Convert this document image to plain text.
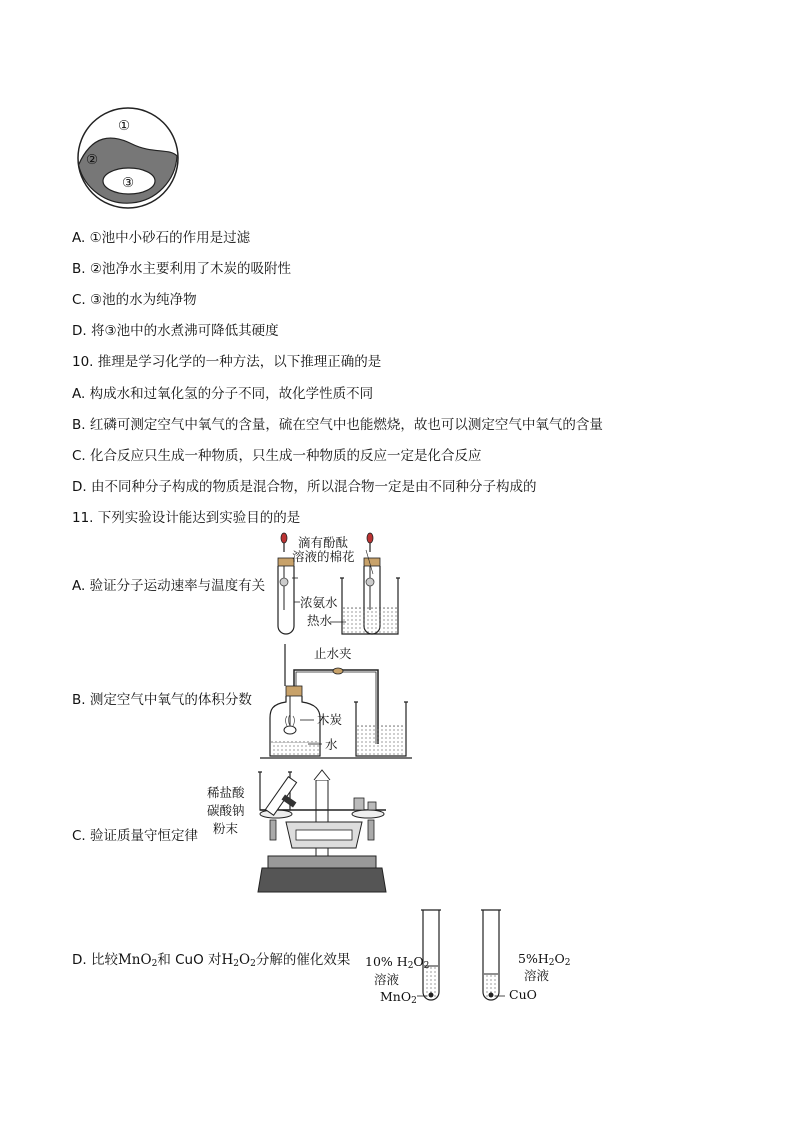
①
②
③
A. ①池中小砂石的作用是过滤
B. ②池净水主要利用了木炭的吸附性
C. ③池的水为纯净物
D. 将③池中的水煮沸可降低其硬度
10. 推理是学习化学的一种方法，以下推理正确的是
A. 构成水和过氧化氢的分子不同，故化学性质不同
B. 红磷可测定空气中氧气的含量，硫在空气中也能燃烧，故也可以测定空气中氧气的含量
C. 化合反应只生成一种物质，只生成一种物质的反应一定是化合反应
D. 由不同种分子构成的物质是混合物，所以混合物一定是由不同种分子构成的
11. 下列实验设计能达到实验目的的是
A. 验证分子运动速率与温度有关
B. 测定空气中氧气的体积分数
C. 验证质量守恒定律
D. 比较MnO$_2$和 CuO 对$H_2O_2$分解的催化效果
滴有酚酞
溶液的棉花
浓氨水
热水
止水夹
木炭
水
稀盐酸
碳酸钠
粉末
10% $H_2O_2$
溶液
MnO$_2$
$5\%H_2O_2$
溶液
CuO
